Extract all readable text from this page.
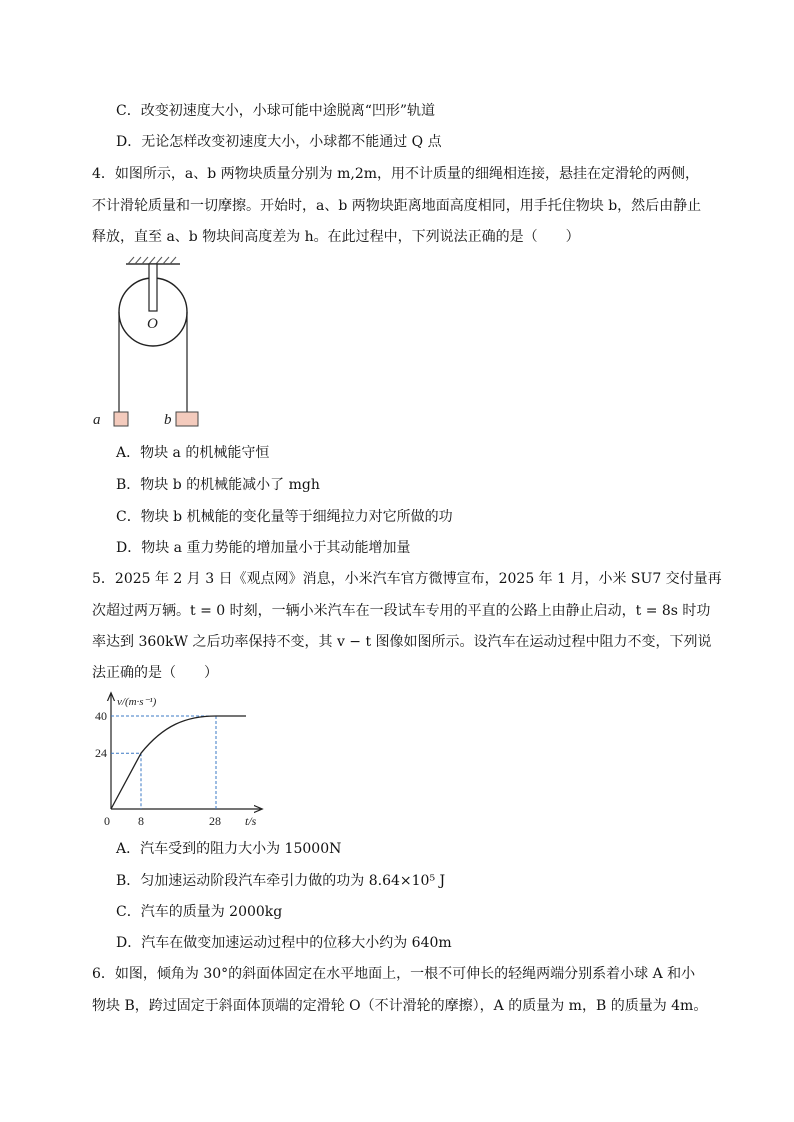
C．改变初速度大小，小球可能中途脱离“凹形”轨道
D．无论怎样改变初速度大小，小球都不能通过 Q 点
4．如图所示，a、b 两物块质量分别为 m,2m，用不计质量的细绳相连接，悬挂在定滑轮的两侧，
不计滑轮质量和一切摩擦。开始时，a、b 两物块距离地面高度相同，用手托住物块 b，然后由静止
释放，直至 a、b 物块间高度差为 h。在此过程中，下列说法正确的是（　　）
O
a	b
A．物块 a 的机械能守恒
B．物块 b 的机械能减小了 mgh
C．物块 b 机械能的变化量等于细绳拉力对它所做的功
D．物块 a 重力势能的增加量小于其动能增加量
5．2025 年 2 月 3 日《观点网》消息，小米汽车官方微博宣布，2025 年 1 月，小米 SU7 交付量再
次超过两万辆。t = 0 时刻，一辆小米汽车在一段试车专用的平直的公路上由静止启动，t = 8s 时功
率达到 360kW 之后功率保持不变，其 v − t 图像如图所示。设汽车在运动过程中阻力不变，下列说
法正确的是（　　）
v/(m·s⁻¹)
t/s
0 8	28
40
24
A．汽车受到的阻力大小为 15000N
B．匀加速运动阶段汽车牵引力做的功为 8.64×10⁵ J
C．汽车的质量为 2000kg
D．汽车在做变加速运动过程中的位移大小约为 640m
6．如图，倾角为 30°的斜面体固定在水平地面上，一根不可伸长的轻绳两端分别系着小球 A 和小
物块 B，跨过固定于斜面体顶端的定滑轮 O（不计滑轮的摩擦），A 的质量为 m，B 的质量为 4m。
